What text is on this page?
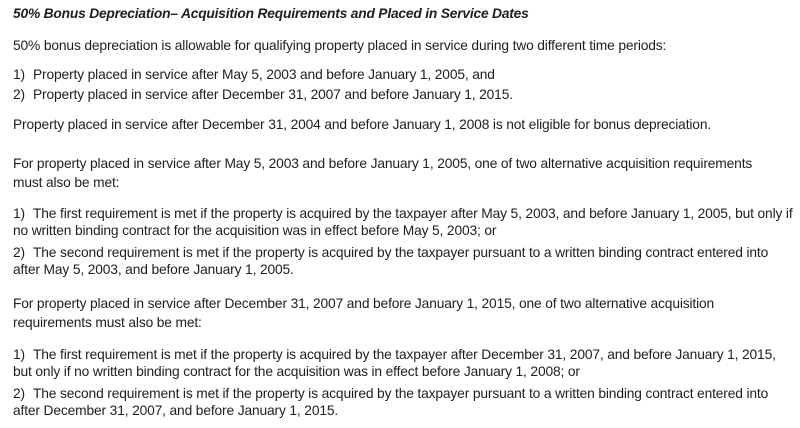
50% Bonus Depreciation– Acquisition Requirements and Placed in Service Dates
50% bonus depreciation is allowable for qualifying property placed in service during two different time periods:
1) Property placed in service after May 5, 2003 and before January 1, 2005, and
2) Property placed in service after December 31, 2007 and before January 1, 2015.
Property placed in service after December 31, 2004 and before January 1, 2008 is not eligible for bonus depreciation.
For property placed in service after May 5, 2003 and before January 1, 2005, one of two alternative acquisition requirements
must also be met:
1) The first requirement is met if the property is acquired by the taxpayer after May 5, 2003, and before January 1, 2005, but only if no written binding contract for the acquisition was in effect before May 5, 2003; or
2) The second requirement is met if the property is acquired by the taxpayer pursuant to a written binding contract entered into after May 5, 2003, and before January 1, 2005.
For property placed in service after December 31, 2007 and before January 1, 2015, one of two alternative acquisition
requirements must also be met:
1) The first requirement is met if the property is acquired by the taxpayer after December 31, 2007, and before January 1, 2015, but only if no written binding contract for the acquisition was in effect before January 1, 2008; or
2) The second requirement is met if the property is acquired by the taxpayer pursuant to a written binding contract entered into after December 31, 2007, and before January 1, 2015.
